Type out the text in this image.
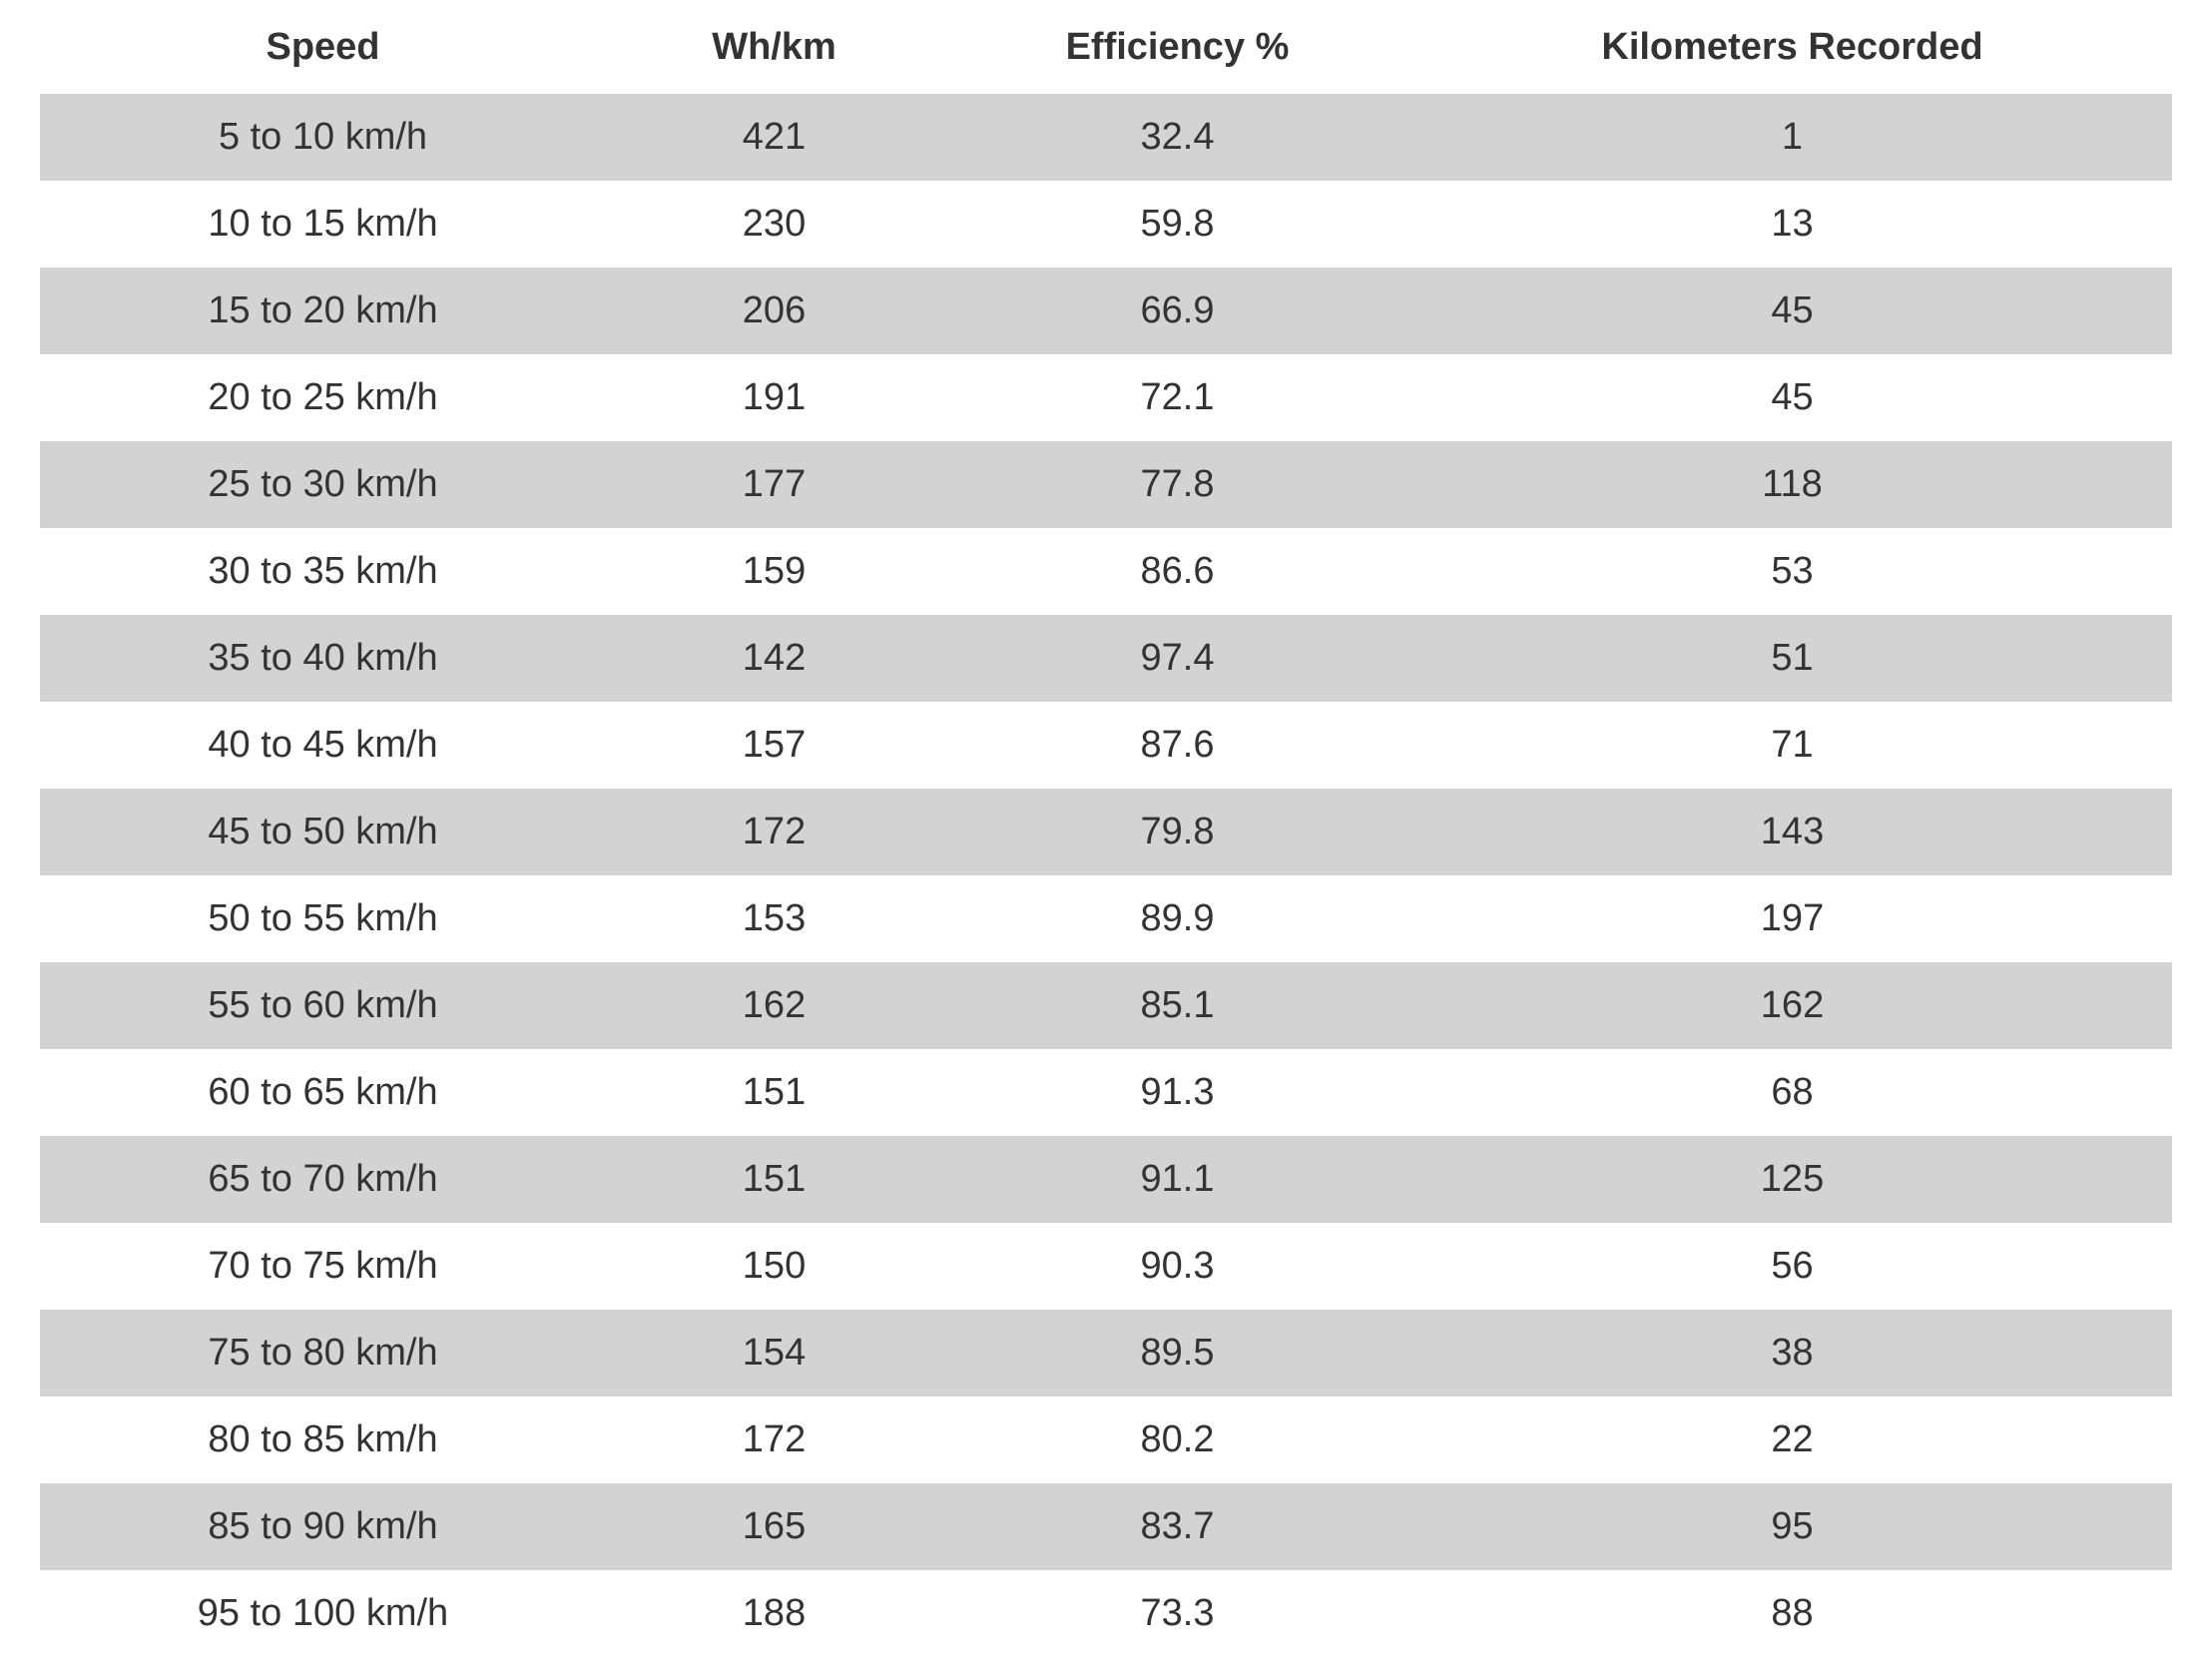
Speed	Wh/km	Efficiency %	Kilometers Recorded
5 to 10 km/h	421	32.4	1
10 to 15 km/h	230	59.8	13
15 to 20 km/h	206	66.9	45
20 to 25 km/h	191	72.1	45
25 to 30 km/h	177	77.8	118
30 to 35 km/h	159	86.6	53
35 to 40 km/h	142	97.4	51
40 to 45 km/h	157	87.6	71
45 to 50 km/h	172	79.8	143
50 to 55 km/h	153	89.9	197
55 to 60 km/h	162	85.1	162
60 to 65 km/h	151	91.3	68
65 to 70 km/h	151	91.1	125
70 to 75 km/h	150	90.3	56
75 to 80 km/h	154	89.5	38
80 to 85 km/h	172	80.2	22
85 to 90 km/h	165	83.7	95
95 to 100 km/h	188	73.3	88
